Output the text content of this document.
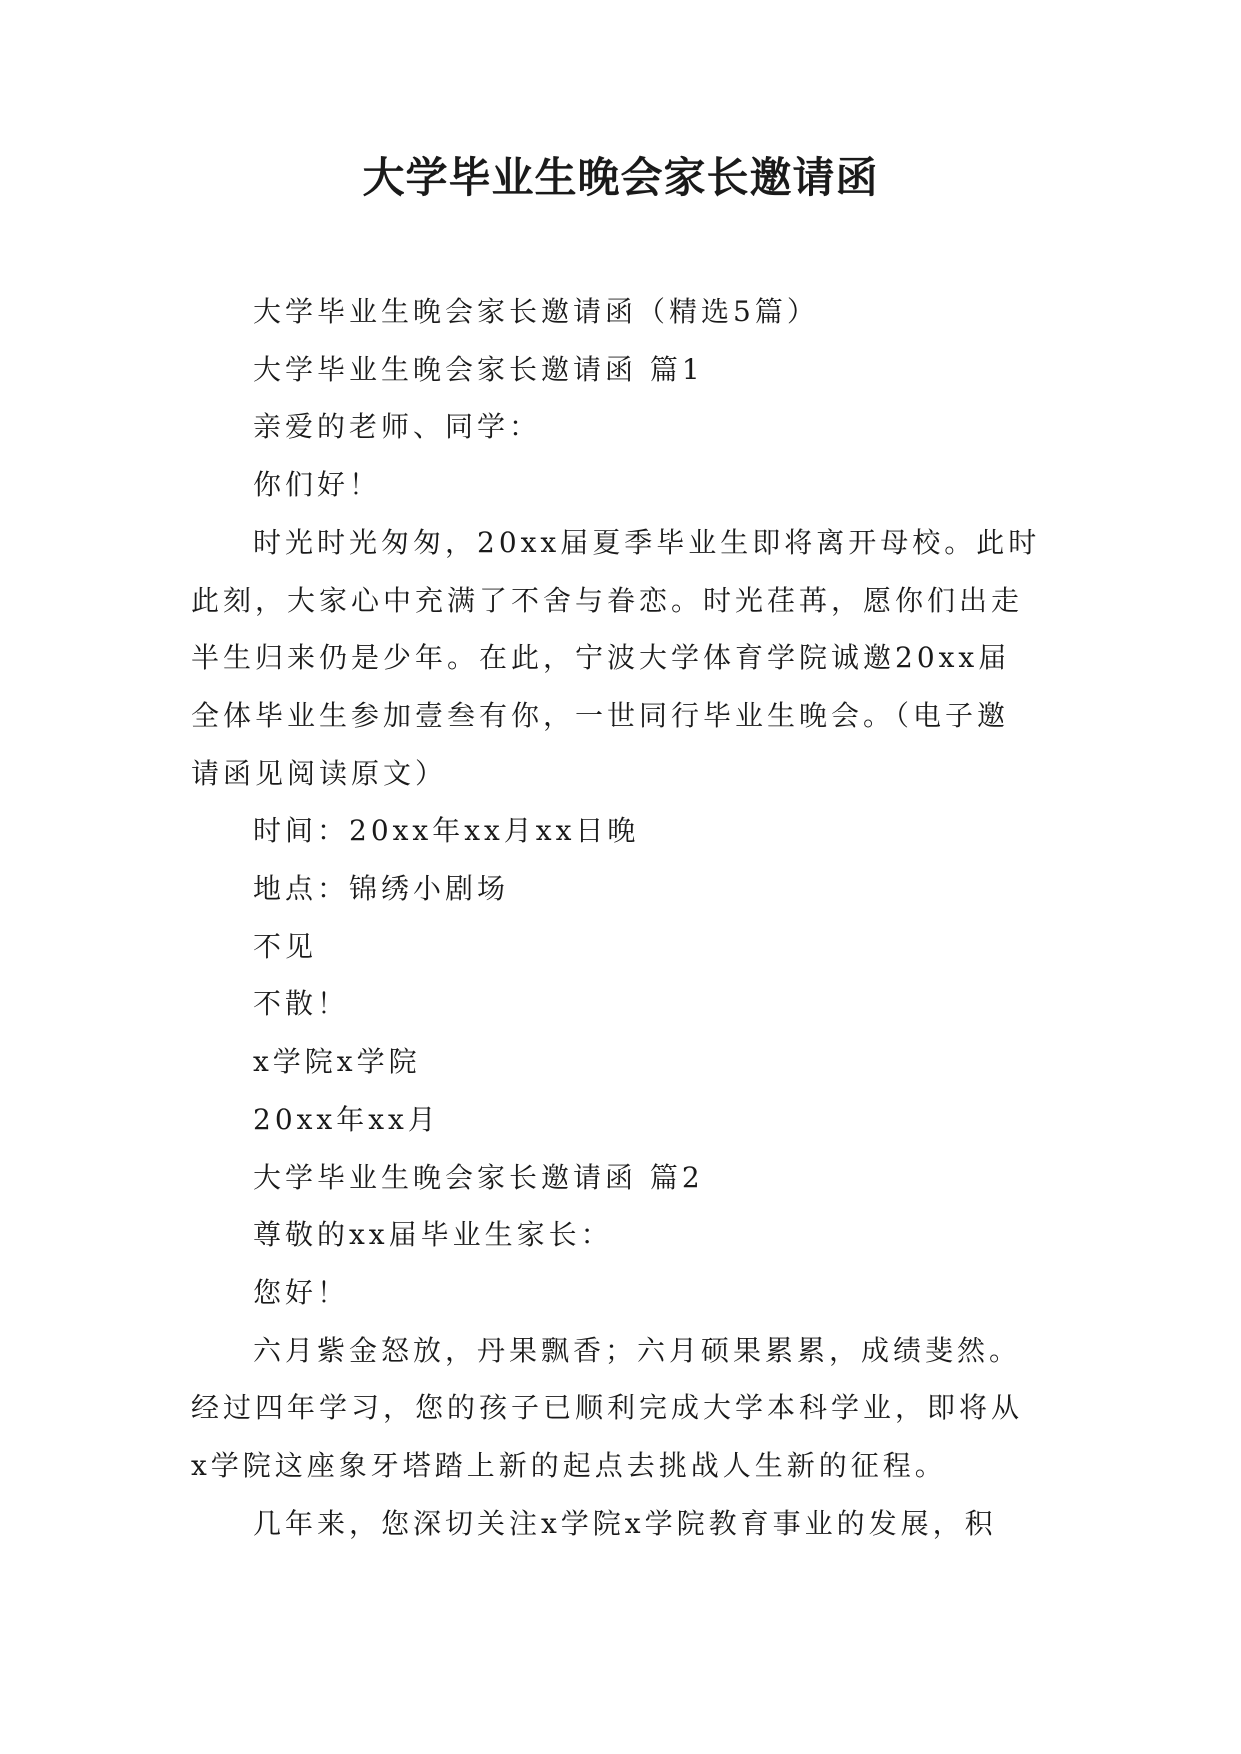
大学毕业生晚会家长邀请函

大学毕业生晚会家长邀请函（精选5篇）

大学毕业生晚会家长邀请函 篇1

亲爱的老师、同学：

你们好！

时光时光匆匆，20xx届夏季毕业生即将离开母校。此时

此刻，大家心中充满了不舍与眷恋。时光荏苒，愿你们出走

半生归来仍是少年。在此，宁波大学体育学院诚邀20xx届

全体毕业生参加壹叁有你，一世同行毕业生晚会。（电子邀

请函见阅读原文）

时间：20xx年xx月xx日晚

地点：锦绣小剧场

不见

不散！

x学院x学院

20xx年xx月

大学毕业生晚会家长邀请函 篇2

尊敬的xx届毕业生家长：

您好！

六月紫金怒放，丹果飘香；六月硕果累累，成绩斐然。

经过四年学习，您的孩子已顺利完成大学本科学业，即将从

x学院这座象牙塔踏上新的起点去挑战人生新的征程。

几年来，您深切关注x学院x学院教育事业的发展，积
